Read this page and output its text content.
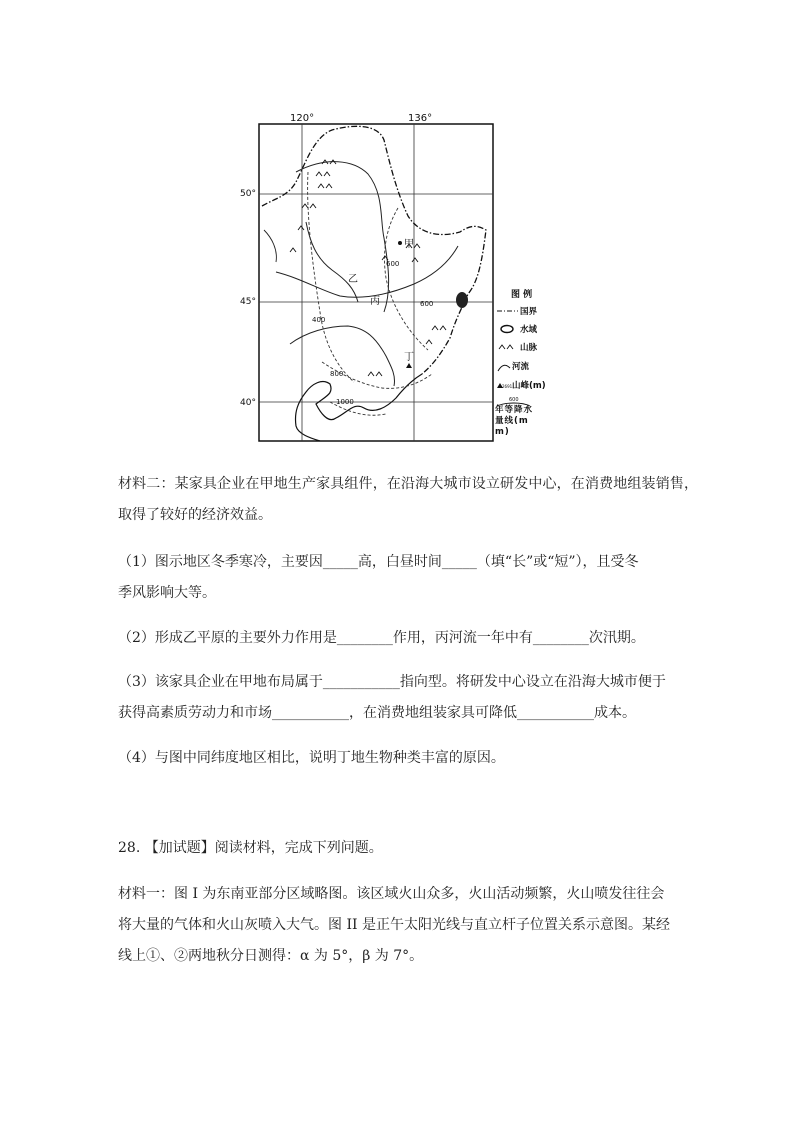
120°	136°
50°
45°
40°
600
400
600
800
1000
甲
乙
丙
丁
图 例
国界
水域
山脉
河流
2691 山峰(m)
600
年等降水量线(mm)
材料二：某家具企业在甲地生产家具组件，在沿海大城市设立研发中心，在消费地组装销售，取得了较好的经济效益。
（1）图示地区冬季寒冷，主要因_____高，白昼时间_____（填“长”或“短”），且受冬
季风影响大等。
（2）形成乙平原的主要外力作用是________作用，丙河流一年中有________次汛期。
（3）该家具企业在甲地布局属于___________指向型。将研发中心设立在沿海大城市便于
获得高素质劳动力和市场___________，在消费地组装家具可降低___________成本。
（4）与图中同纬度地区相比，说明丁地生物种类丰富的原因。
28. 【加试题】阅读材料，完成下列问题。
材料一：图 I 为东南亚部分区域略图。该区域火山众多，火山活动频繁，火山喷发往往会
将大量的气体和火山灰喷入大气。图 II 是正午太阳光线与直立杆子位置关系示意图。某经
线上①、②两地秋分日测得：α 为 5°，β 为 7°。
